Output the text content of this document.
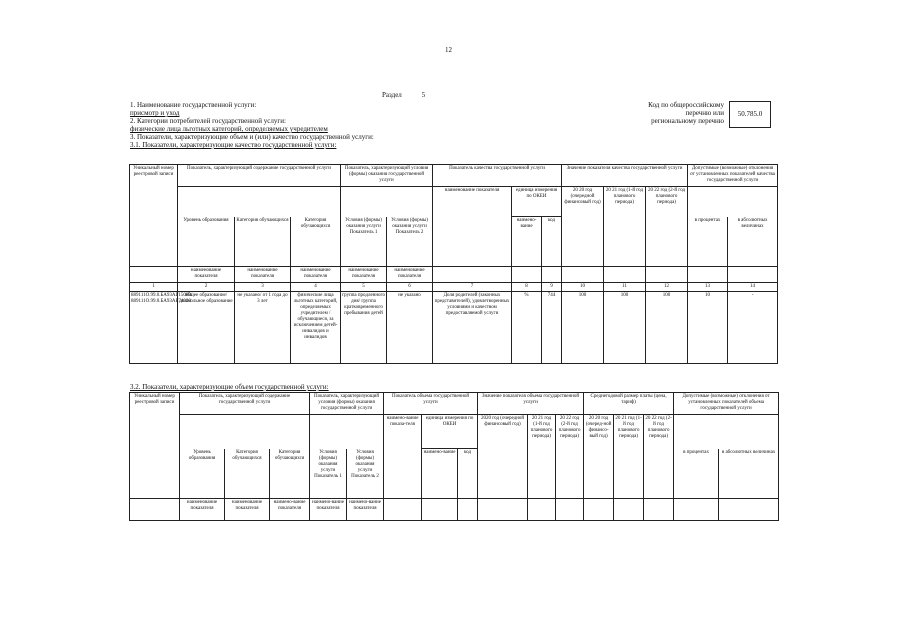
12
Раздел	5
1. Наименование государственной услуги:
присмотр и уход
2. Категории потребителей государственной услуги:
физические лица льготных категорий, определяемых учредителем
3. Показатели, характеризующие объем и (или) качество государственной услуги:
3.1. Показатели, характеризующие качество государственной услуги:
Код по общероссийскому
перечню или
региональному перечню
50.785.0
Уникальный номер реестровой записи	Показатель, характеризующий содержание государственной услуги			Показатель, характеризующий условия (формы) оказания государственной услуги		Показатель качества государственной услуги			Значение показателя качества государственной услуги			Допустимые (возможные) отклонения от установленных показателей качества государственной услуги	
						наименование показателя	единица измерения по ОКЕИ		20 20 год (очередной финансовый год)	20 21 год (1-й год планового периода)	20 22 год (2-й год планового периода)		
	Уровень образования	Категория обучающихся	Категория обучающихся	Условия (формы) оказания услуги Показатель 1	Условия (формы) оказания услуги Показатель 2		наимено-вание	код				в процентах	в абсолютных величинах
	наименование показателя	наименование показателя	наименование показателя	наименование показателя	наименование показателя								
1	2	3	4	5	6	7	8	9	10	11	12	13	14
889111О.99.0.БА93АГ15000/ 889111О.99.0.БА93АБ74000	общее образование/ дошкольное образование	не указано/ от 1 года до 3 лет	физические лица льготных категорий, определяемых учредителем / обучающиеся, за исключением детей-инвалидов и инвалидов	группа продленного дня/ группа кратковременного пребывания детей	не указано	Доля родителей (законных представителей), удовлетворенных условиями и качеством предоставляемой услуги	%	744	100	100	100	10	-
3.2. Показатели, характеризующие объем государственной услуги:
Уникальный номер реестровой записи	Показатель, характеризующий содержание государственной услуги			Показатель, характеризующий условия (формы) оказания государственной услуги		Показатель объема государственной услуги			Значение показателя объема государственной услуги			Среднегодовой размер платы (цена, тариф)			Допустимые (возможные) отклонения от установленных показателей объема государственной услуги	
						наимено-вание показа-теля	единица измерения по ОКЕИ		2020 год (очередной финансовый год)	20 21 год (1-й год планового периода)	20 22 год (2-й год планового периода)	20 20 год (очеред-ной финансо-вый год)	20 21 год (1-й год планового периода)	20 22 год (2-й год планового периода)		
	Уровень образования	Категория обучающихся	Категория обучающихся	Условия (формы) оказания услуги Показатель 1	Условия (формы) оказания услуги Показатель 2		наимено-вание	код							в процентах	в абсолютных величинах
	наименование показателя	наименование показателя	наимено-вание показателя	наимено-вание показателя	наимено-вание показателя											
